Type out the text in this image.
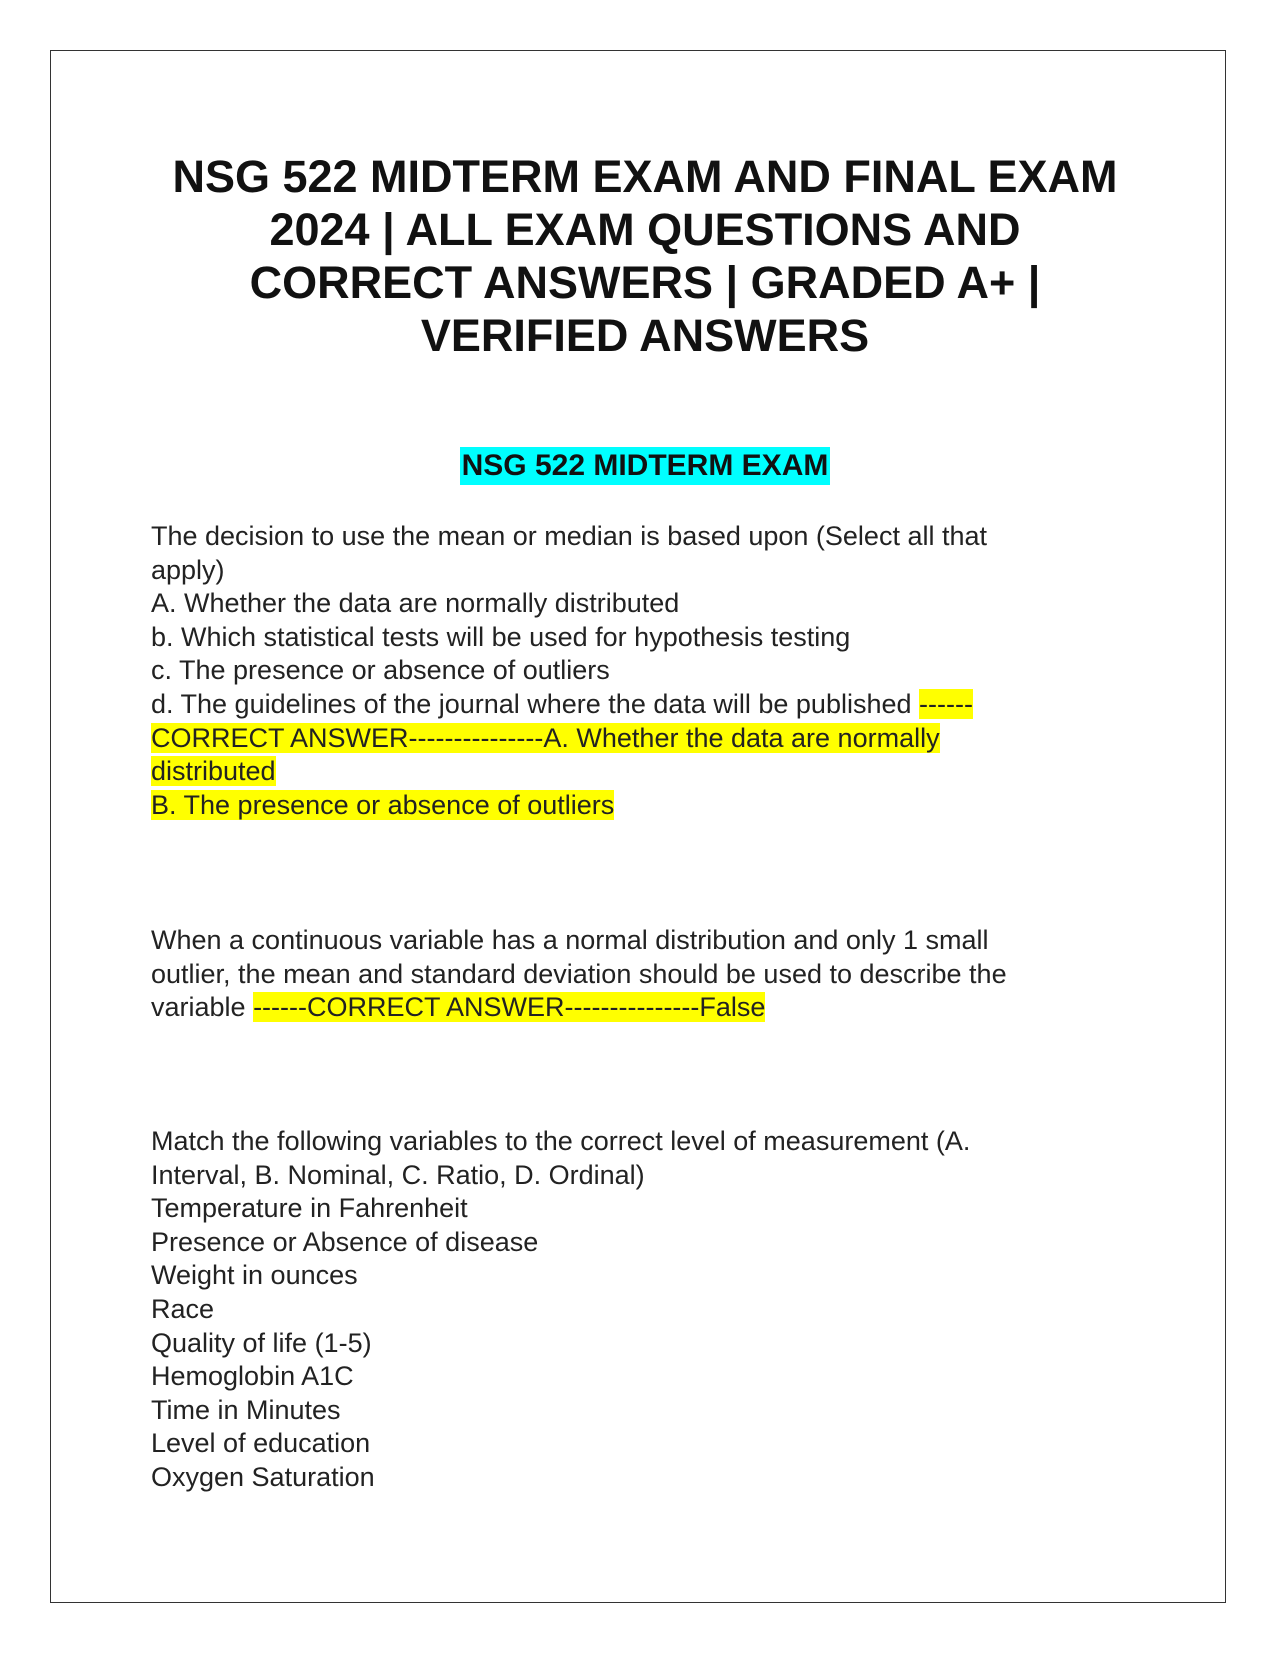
NSG 522 MIDTERM EXAM AND FINAL EXAM
2024 | ALL EXAM QUESTIONS AND
CORRECT ANSWERS | GRADED A+ |
VERIFIED ANSWERS
NSG 522 MIDTERM EXAM
The decision to use the mean or median is based upon (Select all that
apply)
A. Whether the data are normally distributed
b. Which statistical tests will be used for hypothesis testing
c. The presence or absence of outliers
d. The guidelines of the journal where the data will be published ------
CORRECT ANSWER---------------A. Whether the data are normally
distributed
B. The presence or absence of outliers
When a continuous variable has a normal distribution and only 1 small
outlier, the mean and standard deviation should be used to describe the
variable ------CORRECT ANSWER---------------False
Match the following variables to the correct level of measurement (A.
Interval, B. Nominal, C. Ratio, D. Ordinal)
Temperature in Fahrenheit
Presence or Absence of disease
Weight in ounces
Race
Quality of life (1-5)
Hemoglobin A1C
Time in Minutes
Level of education
Oxygen Saturation
